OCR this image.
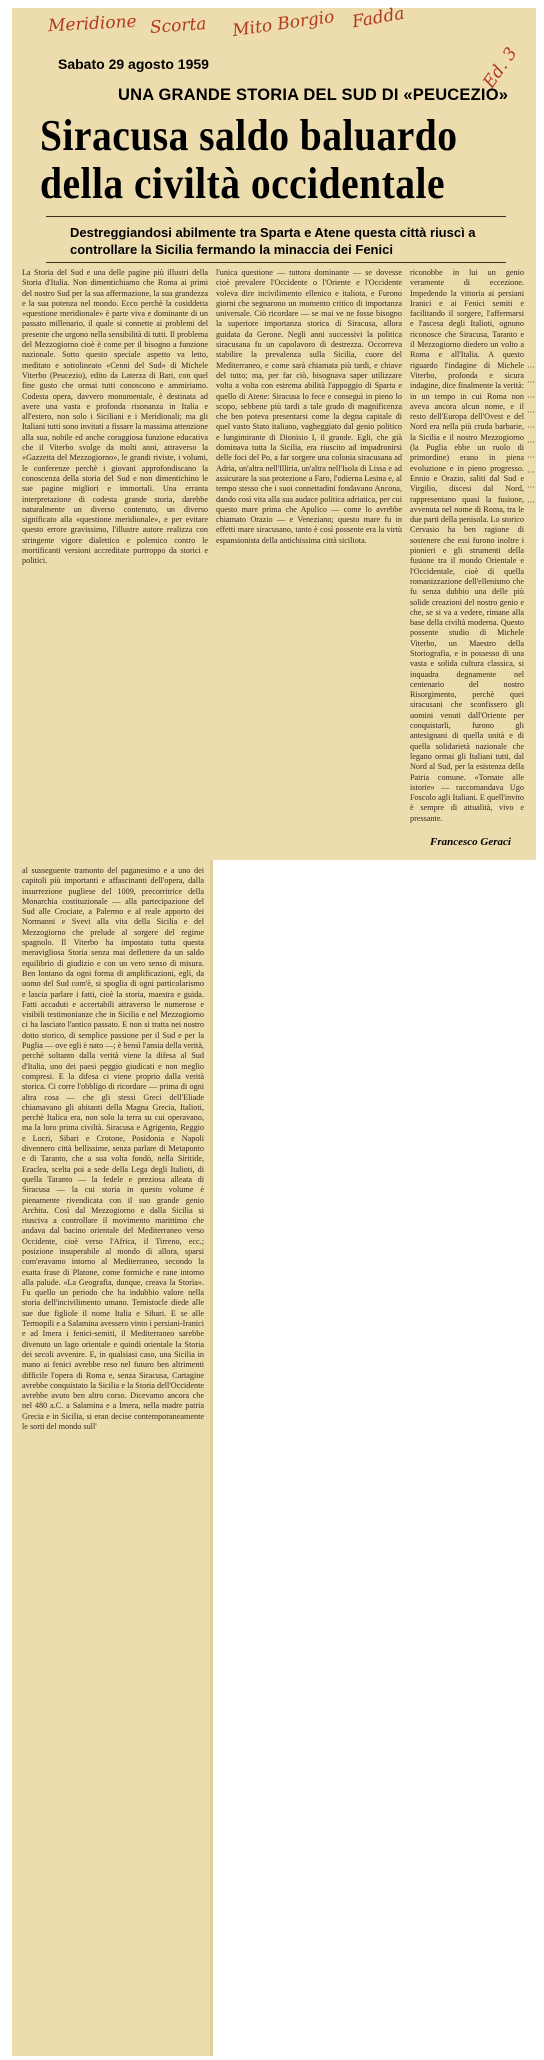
Meridione Scorta Mito Borgio Fadda
Ed. 3
Sabato 29 agosto 1959
UNA GRANDE STORIA DEL SUD DI «PEUCEZIO»
Siracusa saldo baluardo
della civiltà occidentale
Destreggiandosi abilmente tra Sparta e Atene questa città riuscì a controllare la Sicilia fermando la minaccia dei Fenici
La Storia del Sud e una delle pagine più illustri della Storia d'Italia. Non dimentichiamo che Roma ai primi del nostro Sud per la sua affermazione, la sua grandezza e la sua potenza nel mondo. Ecco perchè la cosiddetta «questione meridionale» è parte viva e dominante di un passato millenario, il quale si connette ai problemi del presente che urgono nella sensibilità di tutti. Il problema del Mezzogiorno cioè è come per il bisogno a funzione nazionale. Sotto questo speciale aspetto va letto, meditato e sottolineato «Cenni del Sud» di Michele Viterbo (Peucezio), edito da Laterza di Bari, con quel fine gusto che ormai tutti conoscono e ammiriamo. Codesta opera, davvero monumentale, è destinata ad avere una vasta e profonda risonanza in Italia e all'estero, non solo i Siciliani e i Meridionali; ma gli Italiani tutti sono invitati a fissare la massima attenzione alla sua, nobile ed anche coraggiosa funzione educativa che il Viterbo svolge da molti anni, attraverso la «Gazzetta del Mezzogiorno», le grandi riviste, i volumi, le conferenze perchè i giovani approfondiscano la conoscenza della storia del Sud e non dimentichino le sue pagine migliori e immortali. Una erranta interpretazione di codesta grande storia, darebbe naturalmente un diverso contenuto, un diverso significato alla «questione meridionale», e per evitare questo errore gravissimo, l'illustre autore realizza con stringente vigore dialettico e polemico contro le mortificanti versioni accreditate purtroppo da storici e politici.
l'unica questione — tuttora dominante — se dovesse cioè prevalere l'Occidente o l'Oriente e l'Occidente voleva dire incivilimento ellenico e italiota, e Furono giorni che segnarono un momento critico di importanza universale. Ciò ricordare — se mai ve ne fosse bisogno la superiore importanza storica di Siracusa, allora guidata da Gerone. Negli anni successivi la politica siracusana fu un capolavoro di destrezza. Occorreva stabilire la prevalenza sulla Sicilia, cuore del Mediterraneo, e come sarà chiamata più tardi, e chiave del tutto; ma, per far ciò, bisognava saper utilizzare volta a volta con estrema abilità l'appoggio di Sparta e quello di Atene: Siracusa lo fece e conseguì in pieno lo scopo, sebbene più tardi a tale grado di magnificenza che ben poteva presentarsi come la degna capitale di quel vasto Stato italiano, vagheggiato dal genio politico e lungimirante di Dionisio I, il grande. Egli, che già dominava tutta la Sicilia, era riuscito ad impadronirsi delle foci del Po, a far sorgere una colonia siracusana ad Adria, un'altra nell'Illiria, un'altra nell'Isola di Lissa e ad assicurare la sua protezione a Faro, l'odierna Lesina e, al tempo stesso che i suoi connettadini fondavano Ancona, dando così vita alla sua audace politica adriatica, per cui questo mare prima che Apulico — come lo avrebbe chiamato Orazio — e Veneziano; questo mare fu in effetti mare siracusano, tanto è così possente era la virtù espansionista della antichissima città siciliota.
riconobbe in lui un genio veramente di eccezione. Impedendo la vittoria ai persiani Iranici e ai Fenici semiti e facilitando il sorgere, l'affermarsi e l'ascesa degli Italioti, ognuno riconosce che Siracusa, Taranto e il Mezzogiorno diedero un volto a Roma e all'Italia. A questo riguardo l'indagine di Michele Viterbo, profonda e sicura indagine, dice finalmente la verità: in un tempo in cui Roma non aveva ancora alcun nome, e il resto dell'Europa dell'Ovest e del Nord era nella più cruda barbarie, la Sicilia e il nostro Mezzogiorno (la Puglia ebbe un ruolo di primordine) erano in piena evoluzione e in pieno progresso. Ennio e Orazio, saliti dal Sud e Virgilio, discesi dal Nord, rappresentano quasi la fusione, avvenuta nel nome di Roma, tra le due parti della penisola. Lo storico Cervasio ha ben ragione di sostenere che essi furono inoltre i pionieri e gli strumenti della fusione tra il mondo Orientale e l'Occidentale, cioè di quella romanizzazione dell'ellenismo che fu senza dubbio una delle più solide creazioni del nostro genio e che, se si va a vedere, rimane alla base della civiltà moderna. Questo possente studio di Michele Viterbo, un Maestro della Storiografia, e in possesso di una vasta e solida cultura classica, si inquadra degnamente nel centenario del nostro Risorgimento, perchè quei siracusani che sconfissero gli uomini venuti dall'Oriente per conquistarli, furono gli antesignani di quella unità e di quella solidarietà nazionale che legano ormai gli Italiani tutti, dal Nord al Sud, per la esistenza della Patria comune. «Tornate alle istorie» — raccomandava Ugo Foscolo agli Italiani. E quell'invito è sempre di attualità, vivo e pressante.
Francesco Geraci
······························
al susseguente tramonto del paganesimo e a uno dei capitoli più importanti e affascinanti dell'opera, dalla insurrezione pugliese del 1009, precorritrice della Monarchia costituzionale — alla partecipazione del Sud alle Crociate, a Palermo e al reale apporto dei Normanni e Svevi alla vita della Sicilia e del Mezzogiorno che prelude al sorgere del regime spagnolo. Il Viterbo ha impostato tutta questa meravigliosa Storia senza mai deflettere da un saldo equilibrio di giudizio e con un vero senso di misura. Ben lontano da ogni forma di amplificazioni, egli, da uomo del Sud com'è, si spoglia di ogni particolarismo e lascia parlare i fatti, cioè la storia, maestra e guida. Fatti accaduti e accertabili attraverso le numerose e visibili testimonianze che in Sicilia e nel Mezzogiorno ci ha lasciato l'antico passato. E non si tratta nei nostro dotto storico, di semplice passione per il Sud e per la Puglia — ove egli è nato —; è bensì l'ansia della verità, perchè soltanto dalla verità viene la difesa al Sud d'Italia, uno dei paesi peggio giudicati e non meglio compresi. E la difesa ci viene proprio dalla verità storica. Ci corre l'obbligo di ricordare — prima di ogni altra cosa — che gli stessi Greci dell'Eliade chiamavano gli abitanti della Magna Grecia, Italioti, perchè Italica era, non solo la terra su cui operavano, ma la loro prima civiltà. Siracusa e Agrigento, Reggio e Locri, Sibari e Crotone, Posidonia e Napoli divennero città bellissime, senza parlare di Metaponto e di Taranto, che a sua volta fondò, nella Siritide, Eraclea, scelta poi a sede della Lega degli Italioti, di quella Taranto — la fedele e preziosa alleata di Siracusa — la cui storia in questo volume è pienamente rivendicata con il suo grande genio Archita. Così dal Mezzogiorno e dalla Sicilia si riusciva a controllare il movimento marittimo che andava dal bacino orientale del Mediterraneo verso Occidente, cioè verso l'Africa, il Tirreno, ecc.; posizione insuperabile al mondo di allora, sparsi com'eravamo intorno al Mediterraneo, secondo la esatta frase di Platone, come formiche e rane intorno alla palude. «La Geografia, dunque, creava la Storia». Fu quello un periodo che ha indubbio valore nella storia dell'incivilimento umano. Temistocle diede alle sue due figliole il nome Italia e Sibari. E se alle Termopili e a Salamina avessero vinto i persiani-Iranici e ad Imera i fenici-semiti, il Mediterraneo sarebbe divenuto un lago orientale e quindi orientale la Storia dei secoli avvenire. E, in qualsiasi caso, una Sicilia in mano ai fenici avrebbe reso nel futuro ben altrimenti difficile l'opera di Roma e, senza Siracusa, Cartagine avrebbe conquistato la Sicilia e la Storia dell'Occidente avrebbe avuto ben altro corso. Dicevamo ancora che nel 480 a.C. a Salamina e a Imera, nella madre patria Grecia e in Sicilia, si eran decise contemporaneamente le sorti del mondo sull'
